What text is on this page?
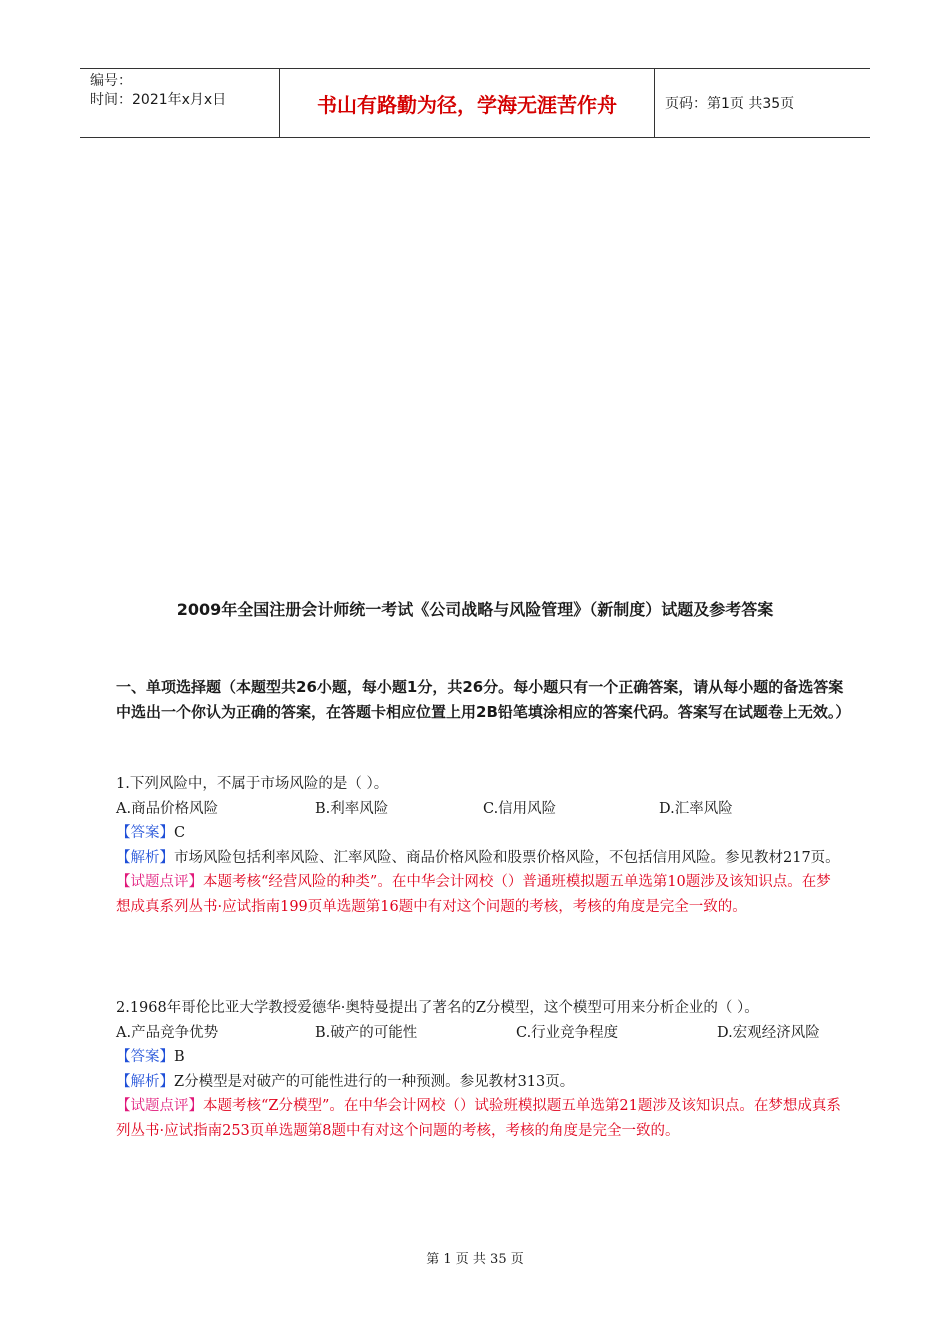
编号：
时间：2021年x月x日	书山有路勤为径，学海无涯苦作舟	页码：第1页 共35页
2009年全国注册会计师统一考试《公司战略与风险管理》（新制度）试题及参考答案
一、单项选择题（本题型共26小题，每小题1分，共26分。每小题只有一个正确答案，请从每小题的备选答案中选出一个你认为正确的答案，在答题卡相应位置上用2B铅笔填涂相应的答案代码。答案写在试题卷上无效。）

1.下列风险中，不属于市场风险的是（ ）。

A.商品价格风险	B.利率风险	C.信用风险	D.汇率风险

【答案】C

【解析】市场风险包括利率风险、汇率风险、商品价格风险和股票价格风险，不包括信用风险。参见教材217页。

【试题点评】本题考核“经营风险的种类”。在中华会计网校（）普通班模拟题五单选第10题涉及该知识点。在梦想成真系列丛书·应试指南199页单选题第16题中有对这个问题的考核，考核的角度是完全一致的。

2.1968年哥伦比亚大学教授爱德华·奥特曼提出了著名的Z分模型，这个模型可用来分析企业的（ ）。

A.产品竞争优势	B.破产的可能性	C.行业竞争程度	D.宏观经济风险

【答案】B

【解析】Z分模型是对破产的可能性进行的一种预测。参见教材313页。

【试题点评】本题考核“Z分模型”。在中华会计网校（）试验班模拟题五单选第21题涉及该知识点。在梦想成真系列丛书·应试指南253页单选题第8题中有对这个问题的考核，考核的角度是完全一致的。

第 1 页 共 35 页
